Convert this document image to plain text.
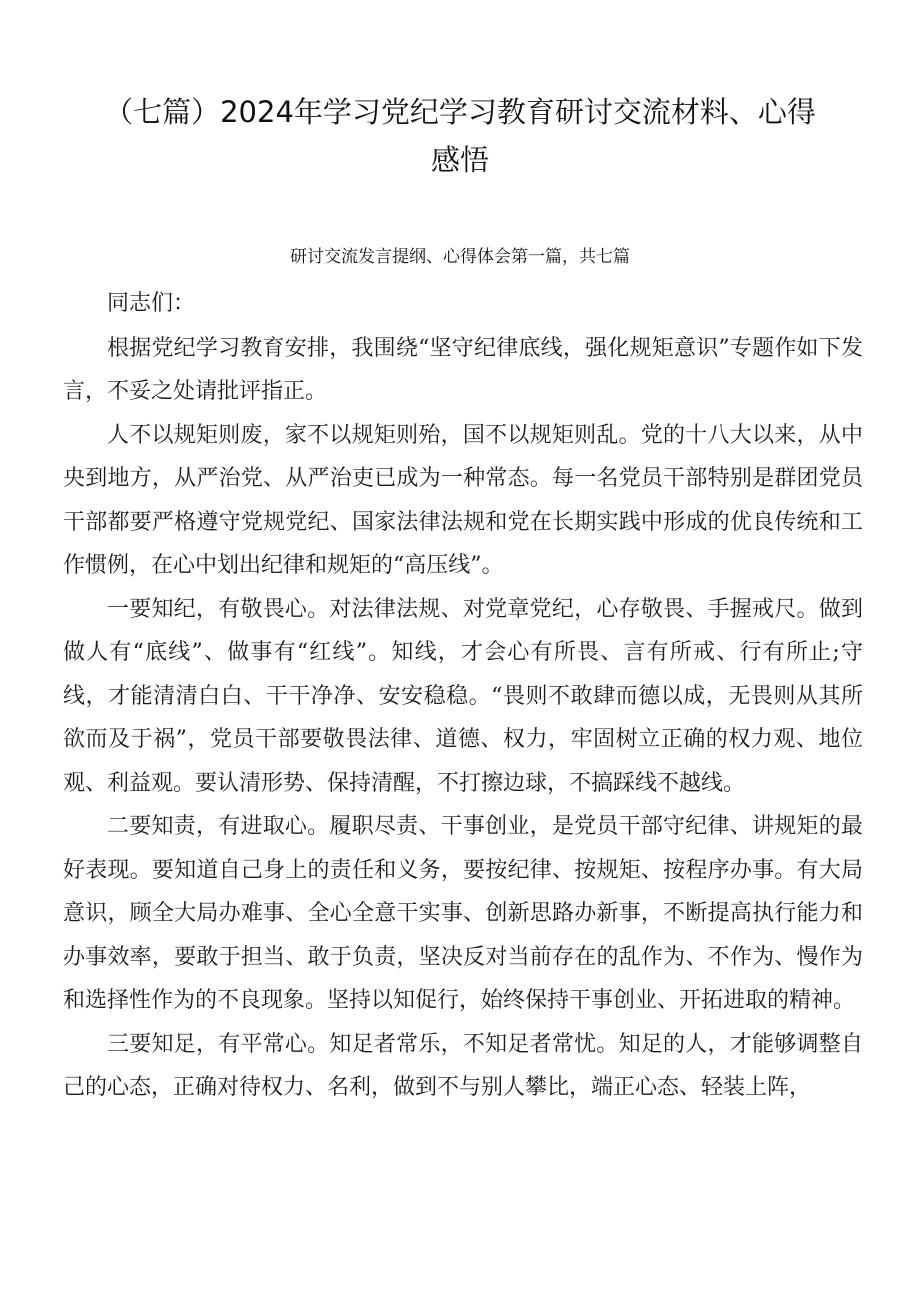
（七篇）2024年学习党纪学习教育研讨交流材料、心得感悟
研讨交流发言提纲、心得体会第一篇，共七篇

同志们：

根据党纪学习教育安排，我围绕“坚守纪律底线，强化规矩意识”专题作如下发言，不妥之处请批评指正。

人不以规矩则废，家不以规矩则殆，国不以规矩则乱。党的十八大以来，从中央到地方，从严治党、从严治吏已成为一种常态。每一名党员干部特别是群团党员干部都要严格遵守党规党纪、国家法律法规和党在长期实践中形成的优良传统和工作惯例，在心中划出纪律和规矩的“高压线”。

一要知纪，有敬畏心。对法律法规、对党章党纪，心存敬畏、手握戒尺。做到做人有“底线”、做事有“红线”。知线，才会心有所畏、言有所戒、行有所止;守线，才能清清白白、干干净净、安安稳稳。“畏则不敢肆而德以成，无畏则从其所欲而及于祸”，党员干部要敬畏法律、道德、权力，牢固树立正确的权力观、地位观、利益观。要认清形势、保持清醒，不打擦边球，不搞踩线不越线。

二要知责，有进取心。履职尽责、干事创业，是党员干部守纪律、讲规矩的最好表现。要知道自己身上的责任和义务，要按纪律、按规矩、按程序办事。有大局意识，顾全大局办难事、全心全意干实事、创新思路办新事，不断提高执行能力和办事效率，要敢于担当、敢于负责，坚决反对当前存在的乱作为、不作为、慢作为和选择性作为的不良现象。坚持以知促行，始终保持干事创业、开拓进取的精神。

三要知足，有平常心。知足者常乐，不知足者常忧。知足的人，才能够调整自己的心态，正确对待权力、名利，做到不与别人攀比，端正心态、轻装上阵，
